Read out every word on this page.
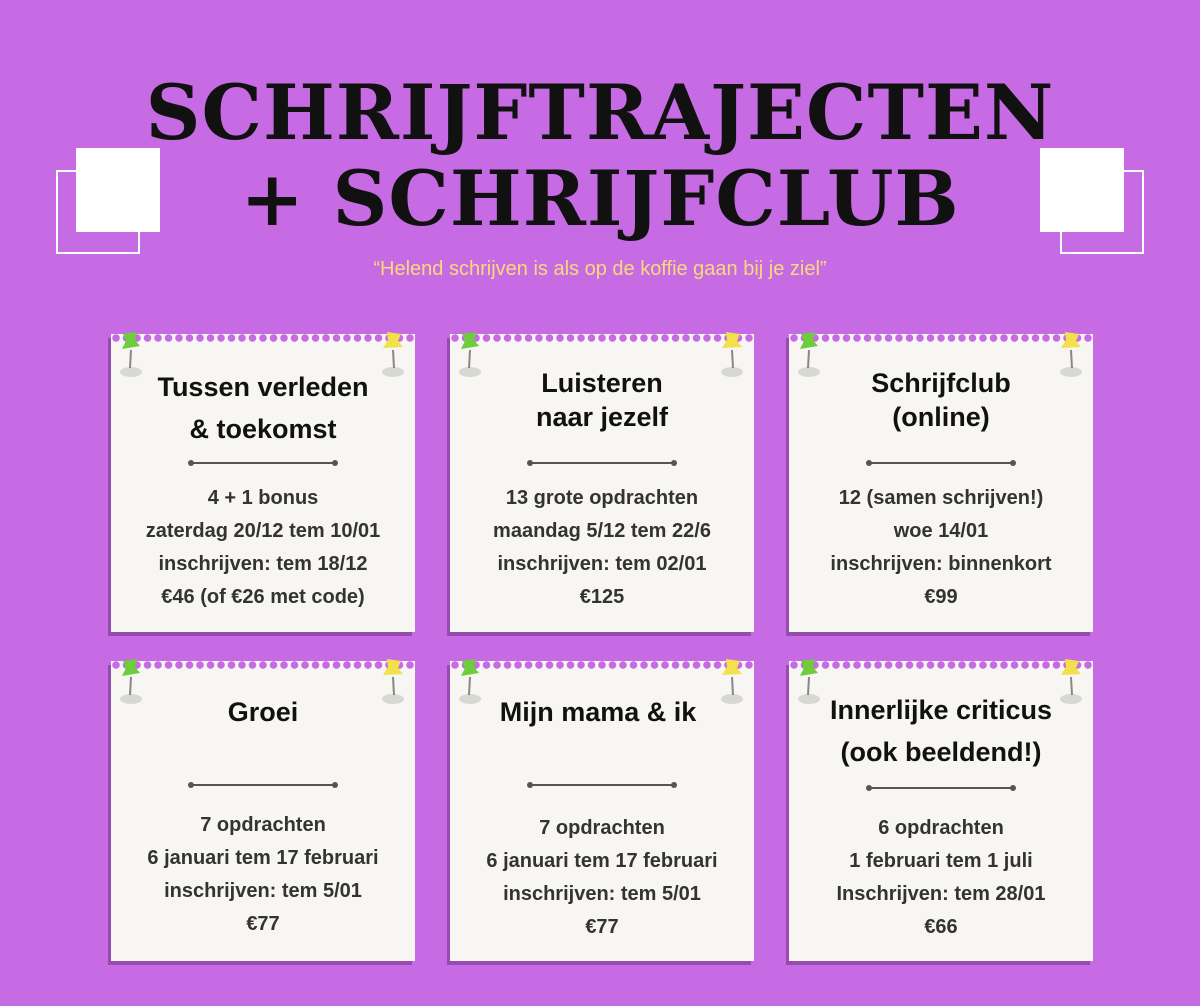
SCHRIJFTRAJECTEN
+ SCHRIJFCLUB

“Helend schrijven is als op de koffie gaan bij je ziel”

Tussen verleden
& toekomst
4 + 1 bonus
zaterdag 20/12 tem 10/01
inschrijven: tem 18/12
€46 (of €26 met code)
Luisteren
naar jezelf
13 grote opdrachten
maandag 5/12 tem 22/6
inschrijven: tem 02/01
€125
Schrijfclub
(online)
12 (samen schrijven!)
woe 14/01
inschrijven: binnenkort
€99
Groei
7 opdrachten
6 januari tem 17 februari
inschrijven: tem 5/01
€77
Mijn mama & ik
7 opdrachten
6 januari tem 17 februari
inschrijven: tem 5/01
€77
Innerlijke criticus
(ook beeldend!)
6 opdrachten
1 februari tem 1 juli
Inschrijven: tem 28/01
€66
